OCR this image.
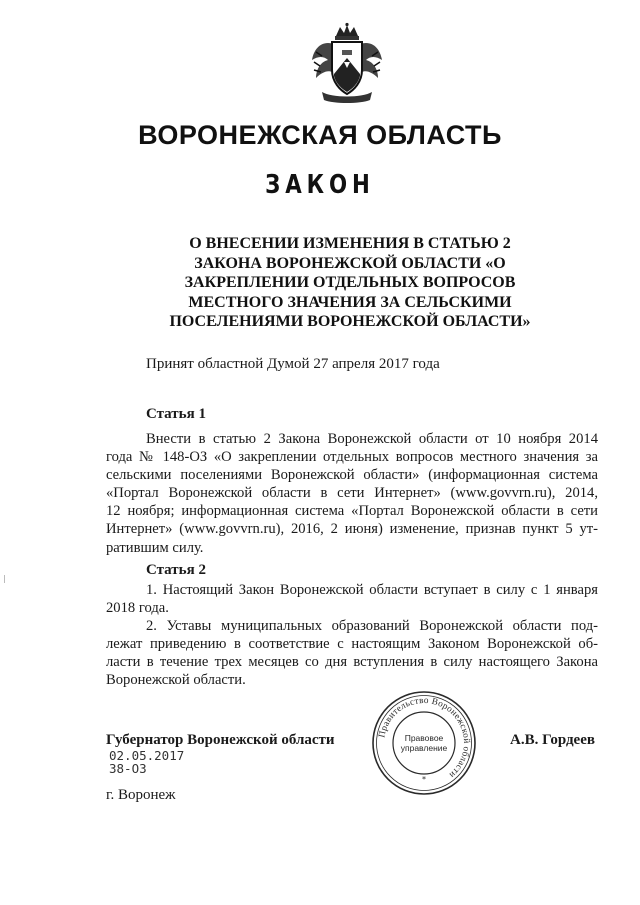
ВОРОНЕЖСКАЯ ОБЛАСТЬ
ЗАКОН
О ВНЕСЕНИИ ИЗМЕНЕНИЯ В СТАТЬЮ 2
ЗАКОНА ВОРОНЕЖСКОЙ ОБЛАСТИ «О
ЗАКРЕПЛЕНИИ ОТДЕЛЬНЫХ ВОПРОСОВ
МЕСТНОГО ЗНАЧЕНИЯ ЗА СЕЛЬСКИМИ
ПОСЕЛЕНИЯМИ ВОРОНЕЖСКОЙ ОБЛАСТИ»
Принят областной Думой 27 апреля 2017 года
Статья 1
Внести в статью 2 Закона Воронежской области от 10 ноября 2014
года № 148-ОЗ «О закреплении отдельных вопросов местного значения за
сельскими поселениями Воронежской области» (информационная система
«Портал Воронежской области в сети Интернет» (www.govvrn.ru), 2014,
12 ноября; информационная система «Портал Воронежской области в сети
Интернет» (www.govvrn.ru), 2016, 2 июня) изменение, признав пункт 5 ут-
ратившим силу.
Статья 2
1. Настоящий Закон Воронежской области вступает в силу с 1 января
2018 года.
2. Уставы муниципальных образований Воронежской области под-
лежат приведению в соответствие с настоящим Законом Воронежской об-
ласти в течение трех месяцев со дня вступления в силу настоящего Закона
Воронежской области.
Губернатор Воронежской области	А.В. Гордеев
02.05.2017
38-ОЗ
г. Воронеж
Правительство Воронежской области
Правовое
управление
*
